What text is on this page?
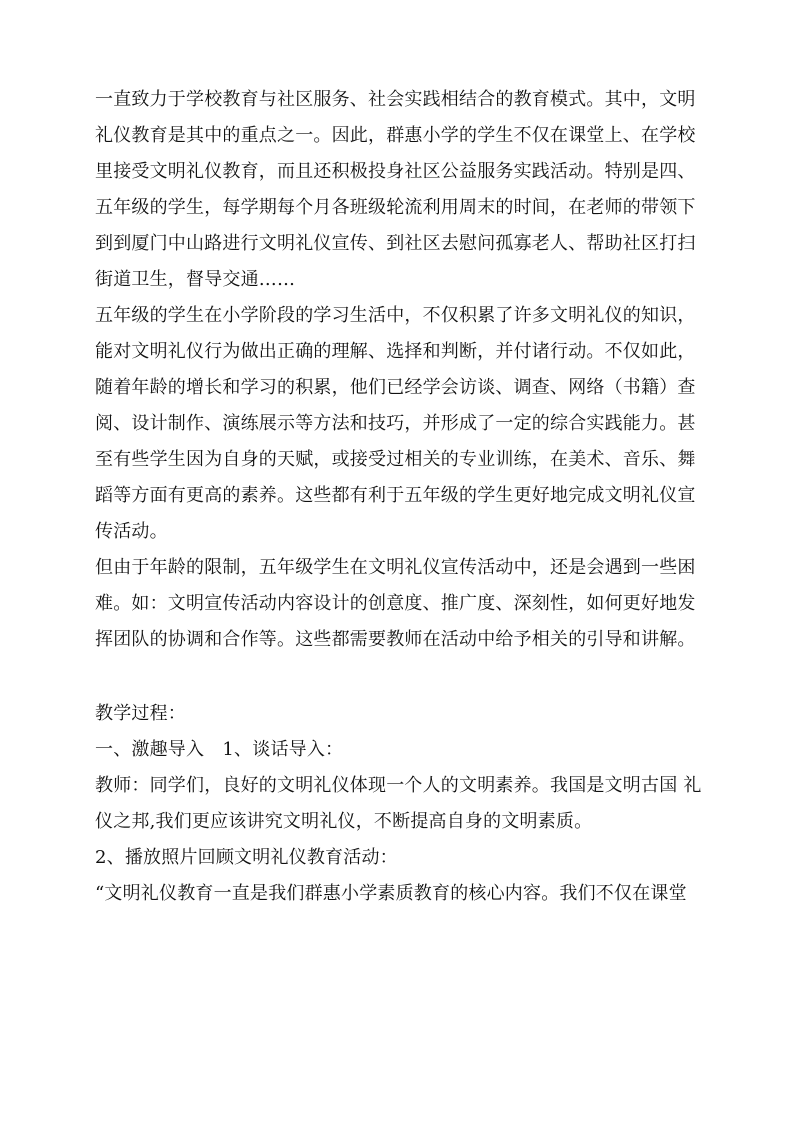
一直致力于学校教育与社区服务、社会实践相结合的教育模式。其中，文明
礼仪教育是其中的重点之一。因此，群惠小学的学生不仅在课堂上、在学校
里接受文明礼仪教育，而且还积极投身社区公益服务实践活动。特别是四、
五年级的学生，每学期每个月各班级轮流利用周末的时间，在老师的带领下
到到厦门中山路进行文明礼仪宣传、到社区去慰问孤寡老人、帮助社区打扫
街道卫生，督导交通……
五年级的学生在小学阶段的学习生活中，不仅积累了许多文明礼仪的知识，
能对文明礼仪行为做出正确的理解、选择和判断，并付诸行动。不仅如此，
随着年龄的增长和学习的积累，他们已经学会访谈、调查、网络（书籍）查
阅、设计制作、演练展示等方法和技巧，并形成了一定的综合实践能力。甚
至有些学生因为自身的天赋，或接受过相关的专业训练，在美术、音乐、舞
蹈等方面有更高的素养。这些都有利于五年级的学生更好地完成文明礼仪宣
传活动。
但由于年龄的限制，五年级学生在文明礼仪宣传活动中，还是会遇到一些困
难。如：文明宣传活动内容设计的创意度、推广度、深刻性，如何更好地发
挥团队的协调和合作等。这些都需要教师在活动中给予相关的引导和讲解。
教学过程：
一、激趣导入　1、谈话导入：
教师：同学们，良好的文明礼仪体现一个人的文明素养。我国是文明古国 礼
仪之邦,我们更应该讲究文明礼仪，不断提高自身的文明素质。
2、播放照片回顾文明礼仪教育活动：
“文明礼仪教育一直是我们群惠小学素质教育的核心内容。我们不仅在课堂
